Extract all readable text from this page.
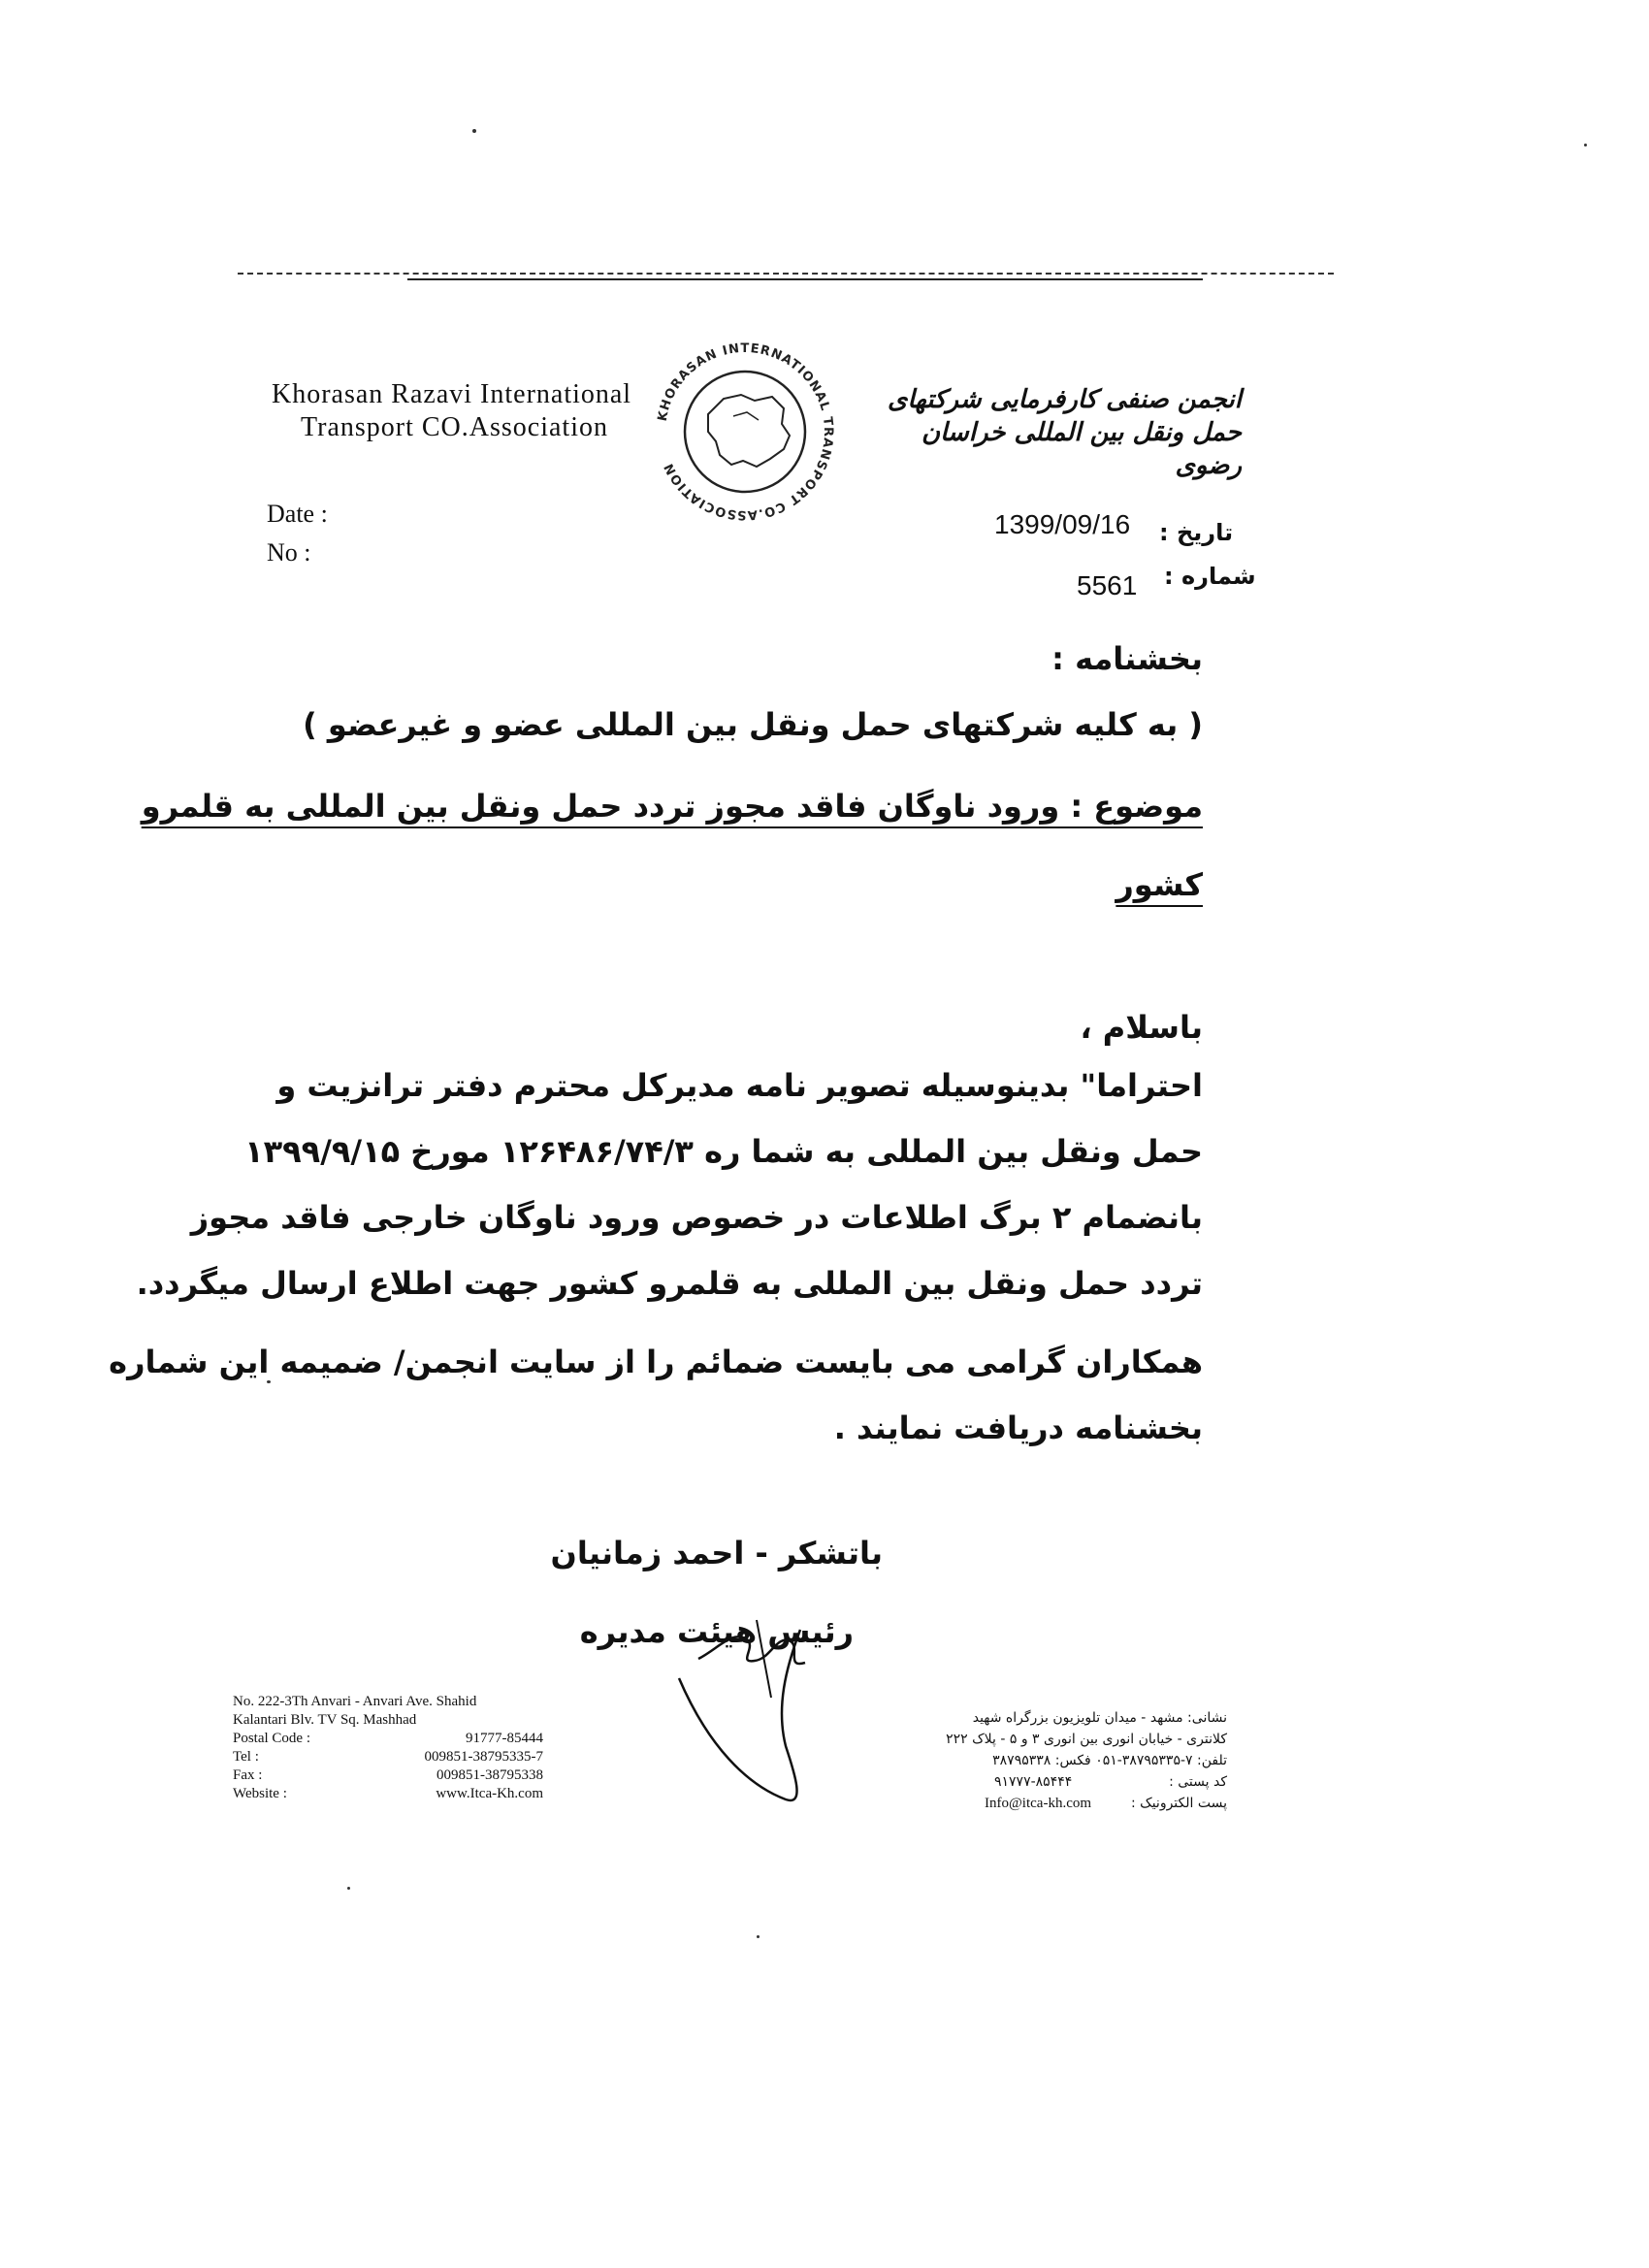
Khorasan Razavi International
Transport CO.Association	KHORASAN INTERNATIONAL TRANSPORT CO.ASSOCIATION
انجمن صنفی کارفرمایی شرکتهای حمل ونقل بین المللی خراسان رضوی
Date :
No :
1399/09/16 تاریخ :
شماره :
5561
بخشنامه :
( به کلیه شرکتهای حمل ونقل بین المللی عضو و غیرعضو )
موضوع : ورود ناوگان فاقد مجوز تردد حمل ونقل بین المللی به قلمرو
کشور
باسلام ،
احتراما" بدینوسیله تصویر نامه مدیرکل محترم دفتر ترانزیت و
حمل ونقل بین المللی به شما ره ۱۲۶۴۸۶/۷۴/۳ مورخ ۱۳۹۹/۹/۱۵
بانضمام ۲ برگ اطلاعات در خصوص ورود ناوگان خارجی فاقد مجوز
تردد حمل ونقل بین المللی به قلمرو کشور جهت اطلاع ارسال میگردد.
همکاران گرامی می بایست ضمائم را از سایت انجمن/ ضمیمه این شماره
بخشنامه دریافت نمایند .
باتشکر - احمد زمانیان
رئیس هیئت مدیره
No. 222-3Th Anvari - Anvari Ave. Shahid
Kalantari Blv. TV Sq. Mashhad
Postal Code :	91777-85444
Tel :	009851-38795335-7
Fax :	009851-38795338
Website :	www.Itca-Kh.com
نشانی: مشهد - میدان تلویزیون بزرگراه شهید
کلانتری - خیابان انوری بین انوری ۳ و ۵ - پلاک ۲۲۲
تلفن: ۷-۳۸۷۹۵۳۳۵-۰۵۱ فکس: ۳۸۷۹۵۳۳۸
کد پستی :
۹۱۷۷۷-۸۵۴۴۴
پست الکترونیک :
Info@itca-kh.com
